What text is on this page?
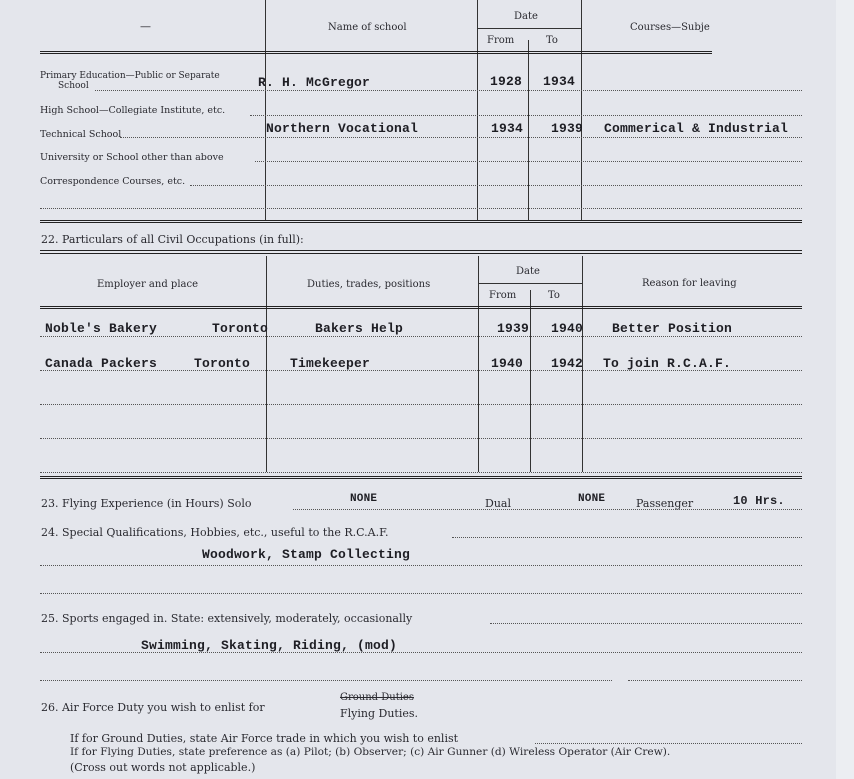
—	Name of school
Date
From	To
Courses—Subje
Primary Education—Public or Separate
School	R. H. McGregor	1928 1934
High School—Collegiate Institute, etc.
Technical School	Northern Vocational	1934 1939 Commerical & Industrial
University or School other than above
Correspondence Courses, etc.
22. Particulars of all Civil Occupations (in full):
Employer and place	Duties, trades, positions
Date
From	To
Reason for leaving
Noble's Bakery	Toronto	Bakers Help	1939 1940 Better Position
Canada Packers	Toronto	Timekeeper	1940 1942 To join R.C.A.F.
23. Flying Experience (in Hours) Solo	NONE	Dual	NONE	Passenger	10 Hrs.
24. Special Qualifications, Hobbies, etc., useful to the R.C.A.F.
Woodwork, Stamp Collecting
25. Sports engaged in. State: extensively, moderately, occasionally
Swimming, Skating, Riding, (mod)
26. Air Force Duty you wish to enlist for
Ground Duties
Flying Duties.
If for Ground Duties, state Air Force trade in which you wish to enlist
If for Flying Duties, state preference as (a) Pilot; (b) Observer; (c) Air Gunner (d) Wireless Operator (Air Crew).
(Cross out words not applicable.)
